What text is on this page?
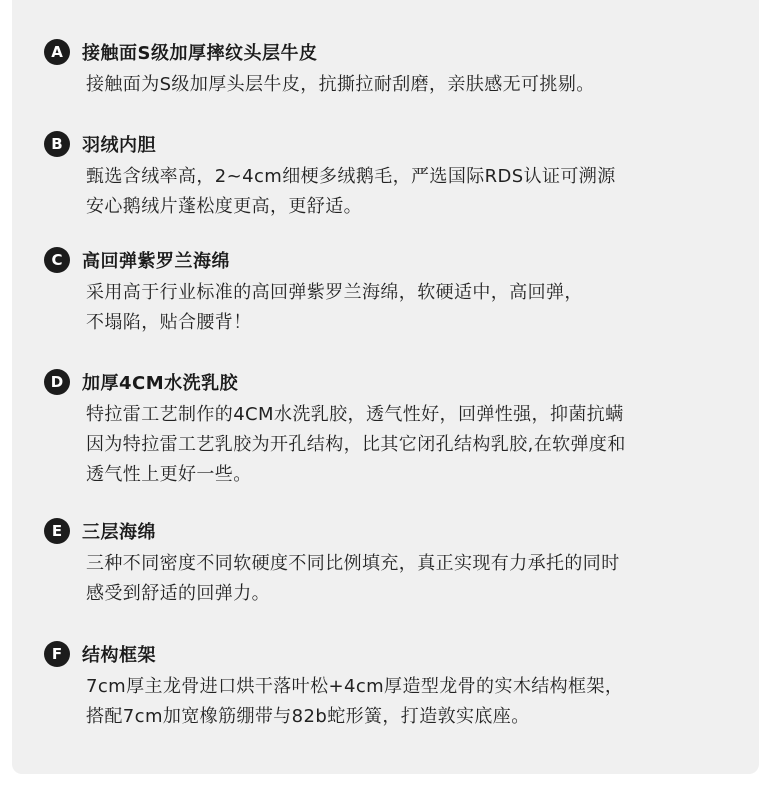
A	接触面S级加厚摔纹头层牛皮
接触面为S级加厚头层牛皮，抗撕拉耐刮磨，亲肤感无可挑剔。
B	羽绒内胆
甄选含绒率高，2~4cm细梗多绒鹅毛，严选国际RDS认证可溯源
安心鹅绒片蓬松度更高，更舒适。
C	高回弹紫罗兰海绵
采用高于行业标准的高回弹紫罗兰海绵，软硬适中，高回弹，
不塌陷，贴合腰背！
D	加厚4CM水洗乳胶
特拉雷工艺制作的4CM水洗乳胶，透气性好，回弹性强，抑菌抗螨
因为特拉雷工艺乳胶为开孔结构，比其它闭孔结构乳胶,在软弹度和
透气性上更好一些。
E	三层海绵
三种不同密度不同软硬度不同比例填充，真正实现有力承托的同时
感受到舒适的回弹力。
F	结构框架
7cm厚主龙骨进口烘干落叶松+4cm厚造型龙骨的实木结构框架，
搭配7cm加宽橡筋绷带与82b蛇形簧，打造敦实底座。
